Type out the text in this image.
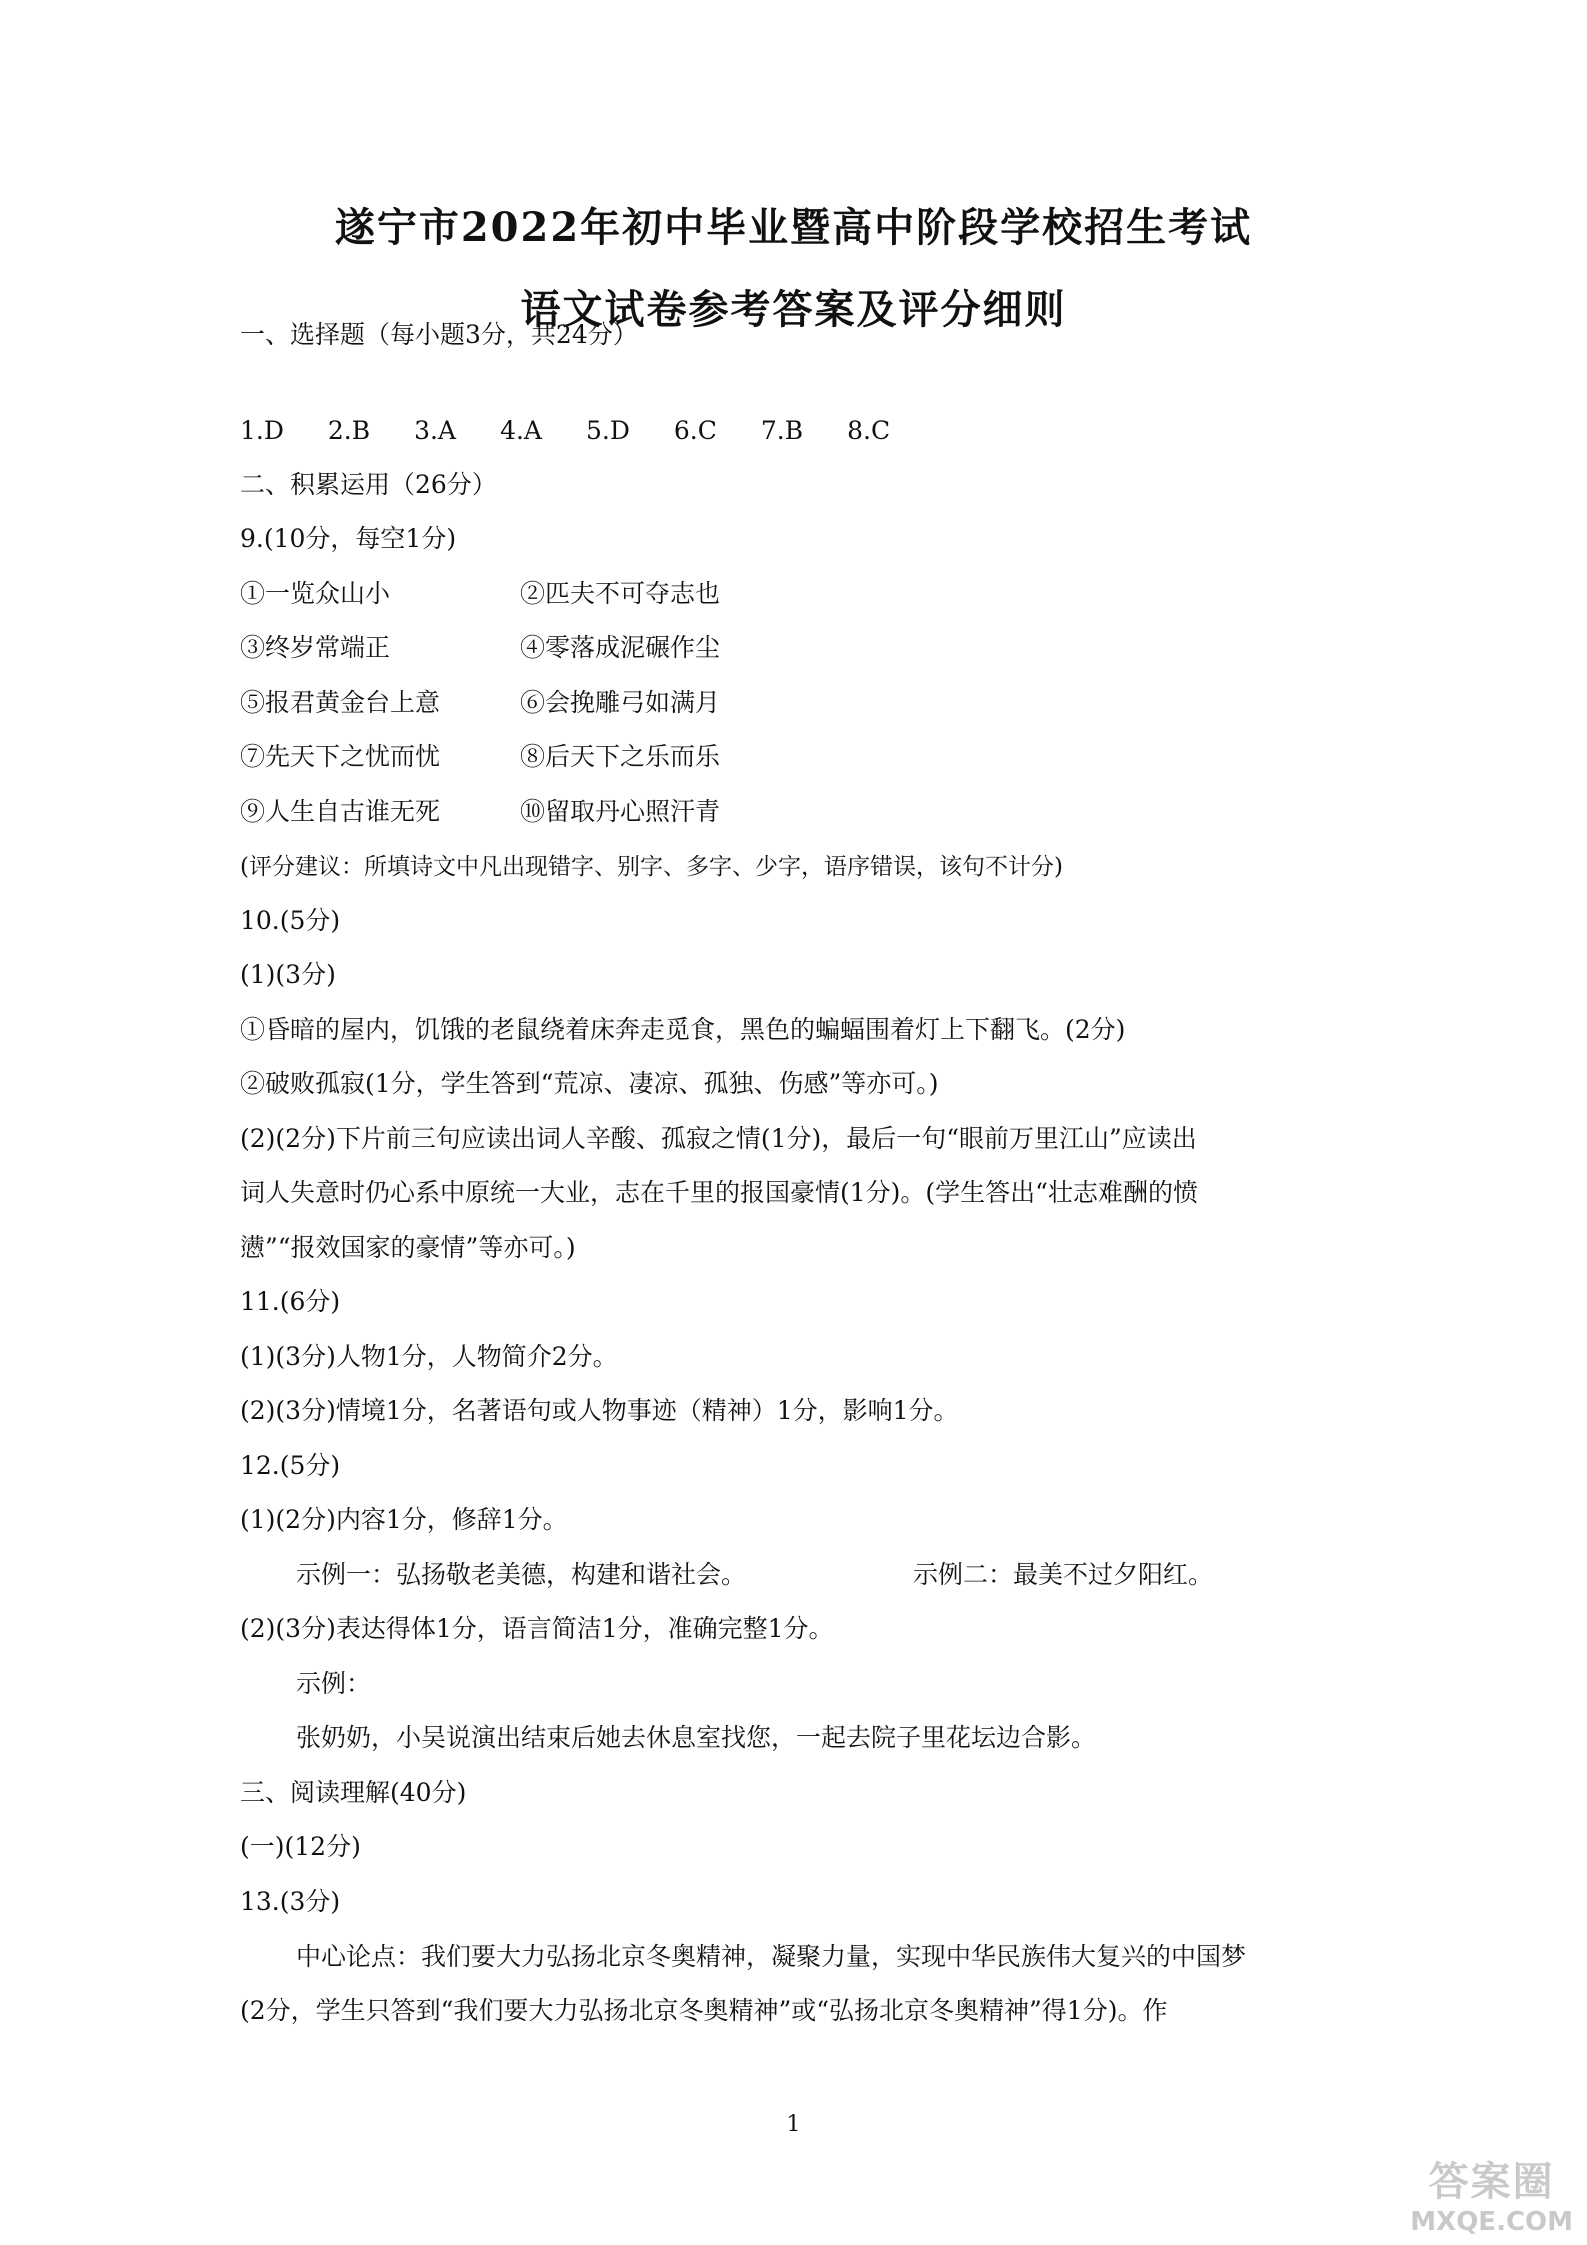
遂宁市2022年初中毕业暨高中阶段学校招生考试
语文试卷参考答案及评分细则
一、选择题（每小题3分，共24分）
1.D 2.B 3.A 4.A 5.D 6.C 7.B 8.C
二、积累运用（26分）
9.(10分，每空1分)
①一览众山小	②匹夫不可夺志也
③终岁常端正	④零落成泥碾作尘
⑤报君黄金台上意	⑥会挽雕弓如满月
⑦先天下之忧而忧	⑧后天下之乐而乐
⑨人生自古谁无死	⑩留取丹心照汗青
(评分建议：所填诗文中凡出现错字、别字、多字、少字，语序错误，该句不计分)
10.(5分)
(1)(3分)
①昏暗的屋内，饥饿的老鼠绕着床奔走觅食，黑色的蝙蝠围着灯上下翻飞。(2分)
②破败孤寂(1分，学生答到“荒凉、凄凉、孤独、伤感”等亦可。)
(2)(2分)下片前三句应读出词人辛酸、孤寂之情(1分)，最后一句“眼前万里江山”应读出
词人失意时仍心系中原统一大业，志在千里的报国豪情(1分)。(学生答出“壮志难酬的愤
懑”“报效国家的豪情”等亦可。)
11.(6分)
(1)(3分)人物1分，人物简介2分。
(2)(3分)情境1分，名著语句或人物事迹（精神）1分，影响1分。
12.(5分)
(1)(2分)内容1分，修辞1分。
示例一：弘扬敬老美德，构建和谐社会。	示例二：最美不过夕阳红。
(2)(3分)表达得体1分，语言简洁1分，准确完整1分。
示例：
张奶奶，小吴说演出结束后她去休息室找您，一起去院子里花坛边合影。
三、阅读理解(40分)
(一)(12分)
13.(3分)
中心论点：我们要大力弘扬北京冬奥精神，凝聚力量，实现中华民族伟大复兴的中国梦
(2分，学生只答到“我们要大力弘扬北京冬奥精神”或“弘扬北京冬奥精神”得1分)。作
1
答案圈
MXQE.COM
